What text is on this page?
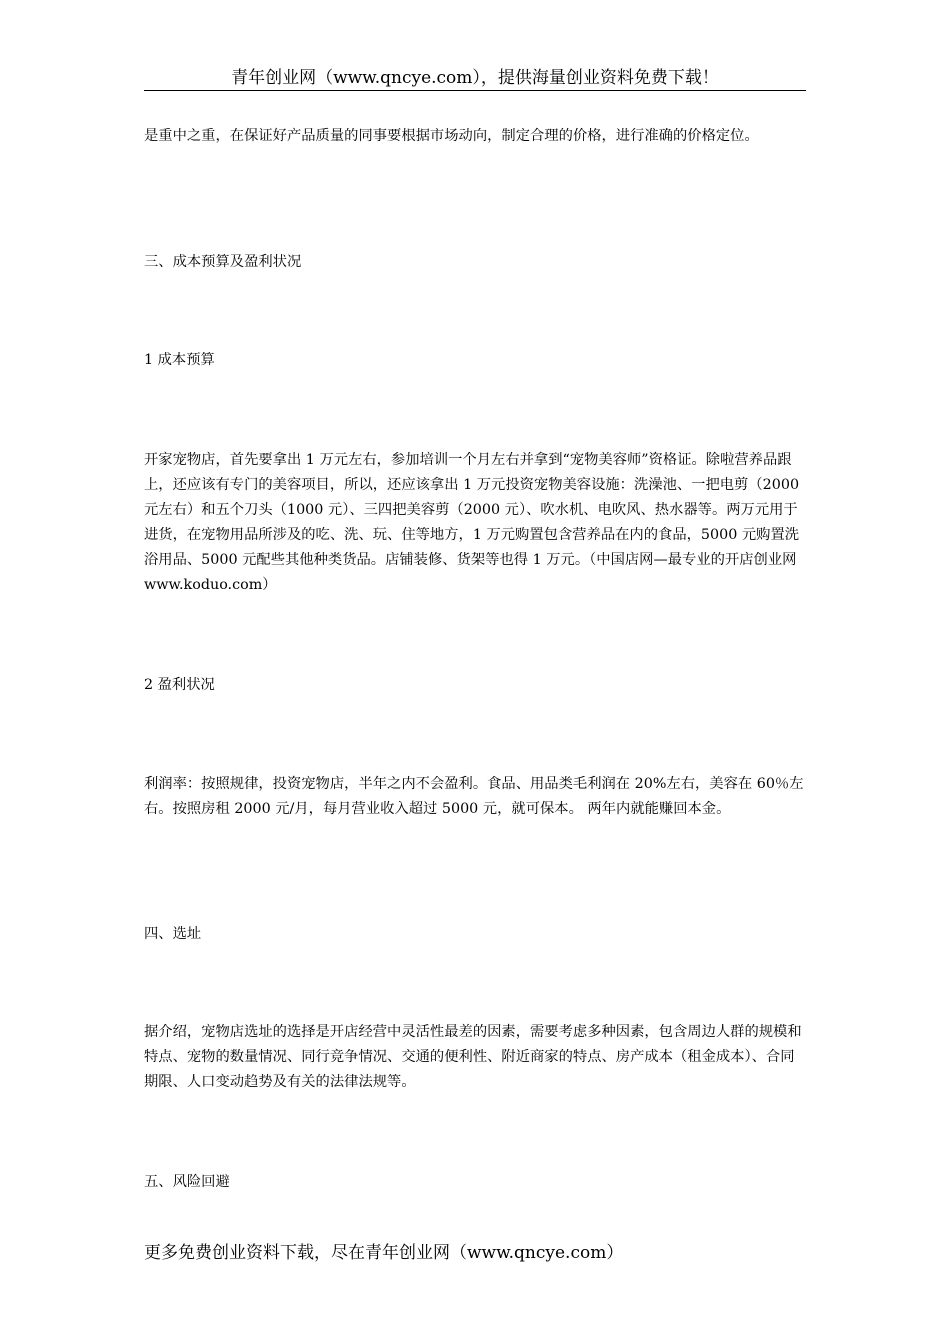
青年创业网（www.qncye.com），提供海量创业资料免费下载！

是重中之重，在保证好产品质量的同事要根据市场动向，制定合理的价格，进行准确的价格定位。

三、成本预算及盈利状况
1 成本预算

开家宠物店，首先要拿出 1 万元左右，参加培训一个月左右并拿到“宠物美容师”资格证。除啦营养品跟上，还应该有专门的美容项目，所以，还应该拿出 1 万元投资宠物美容设施：洗澡池、一把电剪（2000 元左右）和五个刀头（1000 元）、三四把美容剪（2000 元）、吹水机、电吹风、热水器等。两万元用于进货，在宠物用品所涉及的吃、洗、玩、住等地方，1 万元购置包含营养品在内的食品，5000 元购置洗浴用品、5000 元配些其他种类货品。店铺装修、货架等也得 1 万元。（中国店网—最专业的开店创业网 www.koduo.com）

2 盈利状况

利润率：按照规律，投资宠物店，半年之内不会盈利。食品、用品类毛利润在 20%左右，美容在 60％左右。按照房租 2000 元/月，每月营业收入超过 5000 元，就可保本。 两年内就能赚回本金。

四、选址

据介绍，宠物店选址的选择是开店经营中灵活性最差的因素，需要考虑多种因素，包含周边人群的规模和特点、宠物的数量情况、同行竞争情况、交通的便利性、附近商家的特点、房产成本（租金成本）、合同期限、人口变动趋势及有关的法律法规等。

五、风险回避
更多免费创业资料下载，尽在青年创业网（www.qncye.com）
